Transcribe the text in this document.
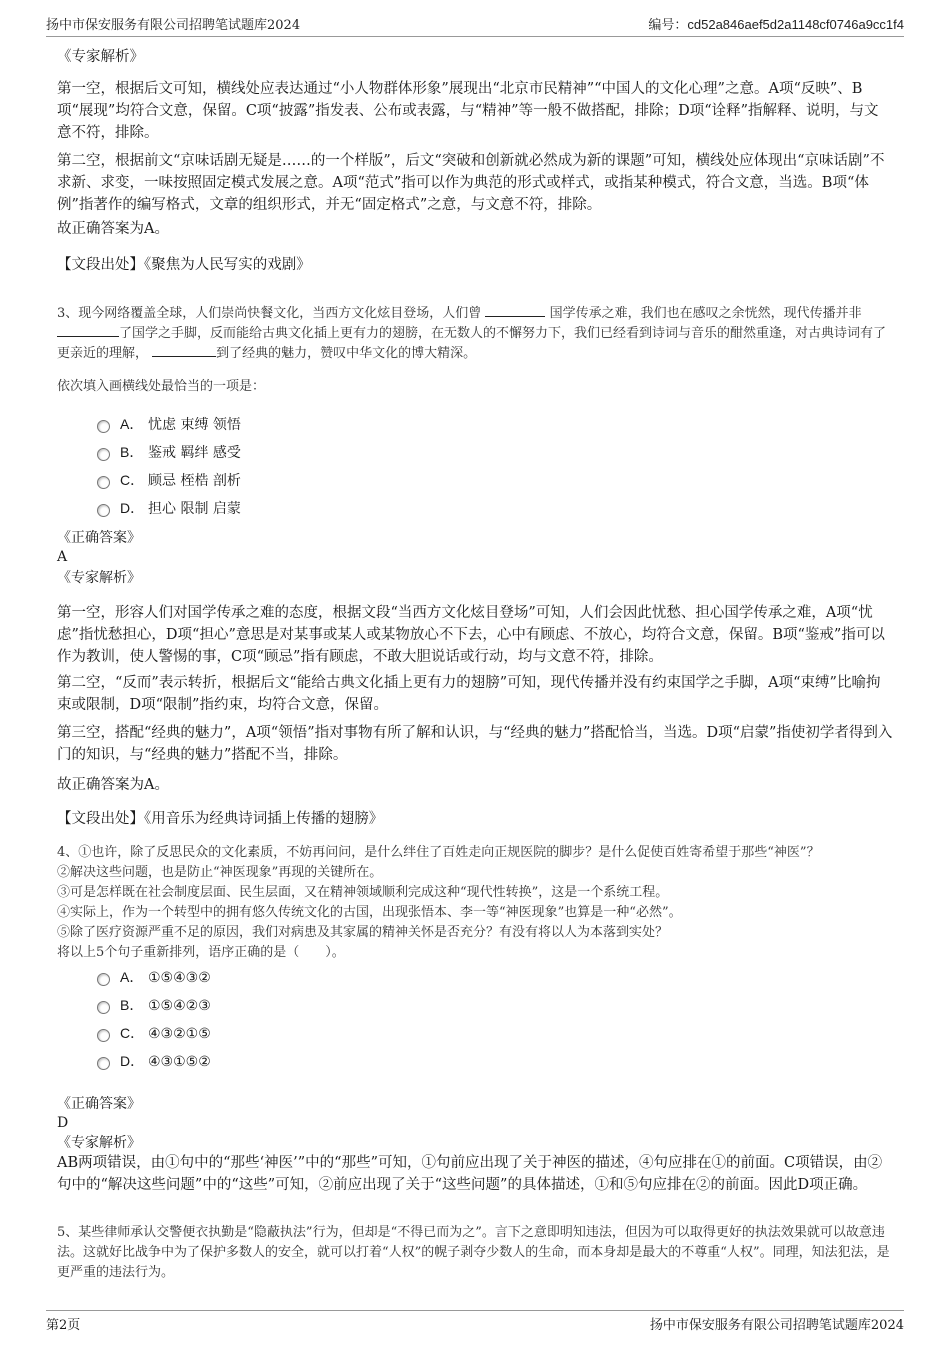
扬中市保安服务有限公司招聘笔试题库2024	编号：cd52a846aef5d2a1148cf0746a9cc1f4

《专家解析》

第一空，根据后文可知，横线处应表达通过“小人物群体形象”展现出“北京市民精神”“中国人的文化心理”之意。A项“反映”、B项“展现”均符合文意，保留。C项“披露”指发表、公布或表露，与“精神”等一般不做搭配，排除；D项“诠释”指解释、说明，与文意不符，排除。

第二空，根据前文“京味话剧无疑是……的一个样版”，后文“突破和创新就必然成为新的课题”可知，横线处应体现出“京味话剧”不求新、求变，一味按照固定模式发展之意。A项“范式”指可以作为典范的形式或样式，或指某种模式，符合文意，当选。B项“体例”指著作的编写格式，文章的组织形式，并无“固定格式”之意，与文意不符，排除。

故正确答案为A。

【文段出处】《聚焦为人民写实的戏剧》

3、现今网络覆盖全球，人们崇尚快餐文化，当西方文化炫目登场，人们曾	国学传承之难，我们也在感叹之余恍然，现代传播并非了国学之手脚，反而能给古典文化插上更有力的翅膀，在无数人的不懈努力下，我们已经看到诗词与音乐的酣然重逢，对古典诗词有了更亲近的理解，	到了经典的魅力，赞叹中华文化的博大精深。

依次填入画横线处最恰当的一项是：

A． 忧虑 束缚 领悟
B． 鉴戒 羁绊 感受
C． 顾忌 桎梏 剖析
D． 担心 限制 启蒙

《正确答案》

A

《专家解析》

第一空，形容人们对国学传承之难的态度，根据文段“当西方文化炫目登场”可知，人们会因此忧愁、担心国学传承之难，A项“忧虑”指忧愁担心，D项“担心”意思是对某事或某人或某物放心不下去，心中有顾虑、不放心，均符合文意，保留。B项“鉴戒”指可以作为教训，使人警惕的事，C项“顾忌”指有顾虑，不敢大胆说话或行动，均与文意不符，排除。

第二空，“反而”表示转折，根据后文“能给古典文化插上更有力的翅膀”可知，现代传播并没有约束国学之手脚，A项“束缚”比喻拘束或限制，D项“限制”指约束，均符合文意，保留。

第三空，搭配“经典的魅力”，A项“领悟”指对事物有所了解和认识，与“经典的魅力”搭配恰当，当选。D项“启蒙”指使初学者得到入门的知识，与“经典的魅力”搭配不当，排除。

故正确答案为A。

【文段出处】《用音乐为经典诗词插上传播的翅膀》

4、①也许，除了反思民众的文化素质，不妨再问问，是什么绊住了百姓走向正规医院的脚步？是什么促使百姓寄希望于那些“神医”？

②解决这些问题，也是防止“神医现象”再现的关键所在。

③可是怎样既在社会制度层面、民生层面，又在精神领域顺利完成这种“现代性转换”，这是一个系统工程。

④实际上，作为一个转型中的拥有悠久传统文化的古国，出现张悟本、李一等“神医现象”也算是一种“必然”。

⑤除了医疗资源严重不足的原因，我们对病患及其家属的精神关怀是否充分？有没有将以人为本落到实处？

将以上5个句子重新排列，语序正确的是（　　）。

A． ①⑤④③②
B． ①⑤④②③
C． ④③②①⑤
D． ④③①⑤②

《正确答案》

D

《专家解析》

AB两项错误，由①句中的“那些‘神医’”中的“那些”可知，①句前应出现了关于神医的描述，④句应排在①的前面。C项错误，由②句中的“解决这些问题”中的“这些”可知，②前应出现了关于“这些问题”的具体描述，①和⑤句应排在②的前面。因此D项正确。

5、某些律师承认交警便衣执勤是“隐蔽执法”行为，但却是“不得已而为之”。言下之意即明知违法，但因为可以取得更好的执法效果就可以故意违法。这就好比战争中为了保护多数人的安全，就可以打着“人权”的幌子剥夺少数人的生命，而本身却是最大的不尊重“人权”。同理，知法犯法，是更严重的违法行为。

第2页	扬中市保安服务有限公司招聘笔试题库2024
